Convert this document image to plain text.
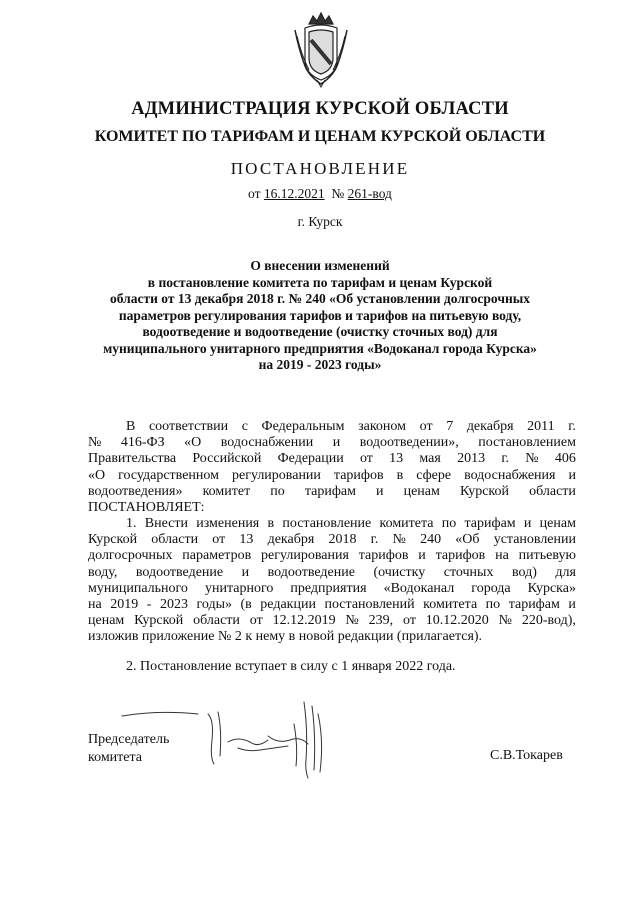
АДМИНИСТРАЦИЯ КУРСКОЙ ОБЛАСТИ
КОМИТЕТ ПО ТАРИФАМ И ЦЕНАМ КУРСКОЙ ОБЛАСТИ
ПОСТАНОВЛЕНИЕ
от 16.12.2021 № 261-вод
г. Курск
О внесении изменений
в постановление комитета по тарифам и ценам Курской
области от 13 декабря 2018 г. № 240 «Об установлении долгосрочных
параметров регулирования тарифов и тарифов на питьевую воду,
водоотведение и водоотведение (очистку сточных вод) для
муниципального унитарного предприятия «Водоканал города Курска»
на 2019 - 2023 годы»
В соответствии с Федеральным законом от 7 декабря 2011 г.
№ 416-ФЗ «О водоснабжении и водоотведении», постановлением
Правительства Российской Федерации от 13 мая 2013 г. № 406
«О государственном регулировании тарифов в сфере водоснабжения и
водоотведения» комитет по тарифам и ценам Курской области
ПОСТАНОВЛЯЕТ:
1. Внести изменения в постановление комитета по тарифам и ценам
Курской области от 13 декабря 2018 г. № 240 «Об установлении
долгосрочных параметров регулирования тарифов и тарифов на питьевую
воду, водоотведение и водоотведение (очистку сточных вод) для
муниципального унитарного предприятия «Водоканал города Курска»
на 2019 - 2023 годы» (в редакции постановлений комитета по тарифам и
ценам Курской области от 12.12.2019 № 239, от 10.12.2020 № 220-вод),
изложив приложение № 2 к нему в новой редакции (прилагается).
2. Постановление вступает в силу с 1 января 2022 года.
Председатель
комитета	С.В.Токарев
